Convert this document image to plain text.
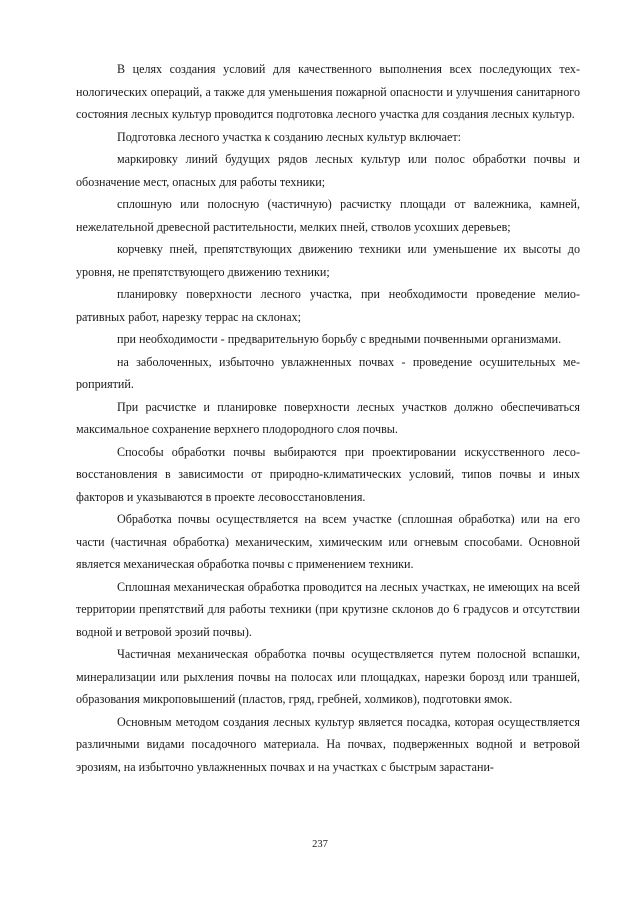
В целях создания условий для качественного выполнения всех последующих технологических операций, а также для уменьшения пожарной опасности и улучшения санитарного состояния лесных культур проводится подготовка лесного участка для создания лесных культур.

Подготовка лесного участка к созданию лесных культур включает:

маркировку линий будущих рядов лесных культур или полос обработки почвы и обозначение мест, опасных для работы техники;

сплошную или полосную (частичную) расчистку площади от валежника, камней, нежелательной древесной растительности, мелких пней, стволов усохших деревьев;

корчевку пней, препятствующих движению техники или уменьшение их высоты до уровня, не препятствующего движению техники;

планировку поверхности лесного участка, при необходимости проведение мелиоративных работ, нарезку террас на склонах;

при необходимости - предварительную борьбу с вредными почвенными организмами.

на заболоченных, избыточно увлажненных почвах - проведение осушительных мероприятий.

При расчистке и планировке поверхности лесных участков должно обеспечиваться максимальное сохранение верхнего плодородного слоя почвы.

Способы обработки почвы выбираются при проектировании искусственного лесовосстановления в зависимости от природно-климатических условий, типов почвы и иных факторов и указываются в проекте лесовосстановления.

Обработка почвы осуществляется на всем участке (сплошная обработка) или на его части (частичная обработка) механическим, химическим или огневым способами. Основной является механическая обработка почвы с применением техники.

Сплошная механическая обработка проводится на лесных участках, не имеющих на всей территории препятствий для работы техники (при крутизне склонов до 6 градусов и отсутствии водной и ветровой эрозий почвы).

Частичная механическая обработка почвы осуществляется путем полосной вспашки, минерализации или рыхления почвы на полосах или площадках, нарезки борозд или траншей, образования микроповышений (пластов, гряд, гребней, холмиков), подготовки ямок.

Основным методом создания лесных культур является посадка, которая осуществляется различными видами посадочного материала. На почвах, подверженных водной и ветровой эрозиям, на избыточно увлажненных почвах и на участках с быстрым зарастани-

237
